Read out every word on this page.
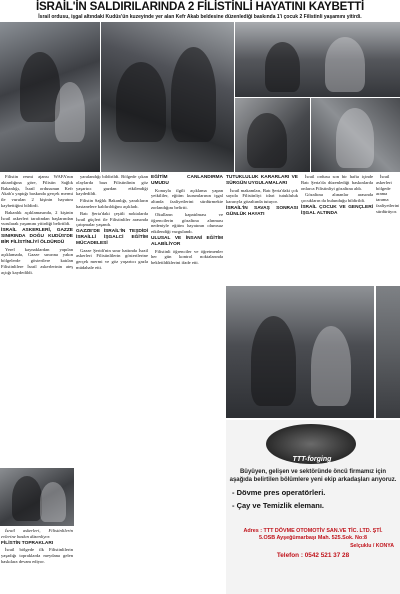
İSRAİL'İN SALDIRILARINDA 2 FİLİSTİNLİ HAYATINI KAYBETTİ
İsrail ordusu, işgal altındaki Kudüs'ün kuzeyinde yer alan Kefr Akab beldesine düzenlediği baskında 1'i çocuk 2 Filistinli yaşamını yitirdi.

Filistin resmi ajansı WAFA'nın aktardığına göre, Filistin Sağlık Bakanlığı, İsrail ordusunun Kefr Akab'a yaptığı baskında gerçek mermi ile vurulan 2 kişinin hayatını kaybettiğini bildirdi.

Bakanlık açıklamasında, 2 kişinin İsrail askerleri tarafından başlarından vurularak yaşamını yitirdiği belirtildi.

İSRAİL ASKERLERİ, GAZZE SINIRINDA DOĞU KUDÜS'DE BİR FİLİSTİNLİYİ ÖLDÜRDÜ

Yerel kaynaklardan yapılan açıklamada, Gazze sınırına yakın bölgelerde gösterilere katılan Filistinlilere İsrail askerlerinin ateş açtığı kaydedildi.

İsrail askerleri, Filistinlilerin evlerine baskın düzenliyor.

FİLİSTİN TOPRAKLARI

İsrail bölgede ilk Filistinlilerin yaşadığı topraklarda meydana gelen baskılara devam ediyor.

yaralandığı bildirildi. Bölgede çıkan olaylarda bazı Filistinlinin göz yaşartıcı gazdan etkilendiği kaydedildi.

Filistin Sağlık Bakanlığı, yaralıların hastanelere kaldırıldığını açıkladı.

Batı Şeria'daki çeşitli noktalarda İsrail güçleri ile Filistinliler arasında çatışmalar yaşandı.

GAZZE'DE İSRAİL'İN TEŞDİDİ İSRAİLLİ İŞGALCİ EĞİTİM MÜCADELESİ

Gazze Şeridi'nin sınır hattında İsrail askerleri Filistinlilerin gösterilerine gerçek mermi ve göz yaşartıcı gazla müdahale etti.

EĞİTİM CANLANDIRMA UMUDU

Konuyla ilgili açıklama yapan yetkililer, eğitim kurumlarının işgal altında faaliyetlerini sürdürmekte zorlandığını belirtti.

Okulların kapatılması ve öğrencilerin gözaltına alınması nedeniyle eğitim hayatının olumsuz etkilendiği vurgulandı.

ULUSAL VE İNSANİ EĞİTİM ALABİLİYOR

Filistinli öğrenciler ve öğretmenler her gün kontrol noktalarında bekletildiklerini ifade etti.

TUTUKLULUK KARARLARI VE SÜRGÜN UYGULAMALARI

İsrail makamları, Batı Şeria'daki çok sayıda Filistinliyi idari tutukluluk kararıyla gözaltında tutuyor.

İSRAİL'İN SAVAŞ SONRASI GÜNLÜK HAYATI

İsrail ordusu son bir hafta içinde Batı Şeria'da düzenlediği baskınlarda onlarca Filistinliyi gözaltına aldı.

Gözaltına alınanlar arasında çocukların da bulunduğu bildirildi.

İSRAİL ÇOCUK VE GENÇLERİ İŞGAL ALTINDA

İsrail askerleri bölgede arama tarama faaliyetlerini sürdürüyor.

TTT-forging
Büyüyen, gelişen ve sektöründe öncü firmamız için
aşağıda belirtilen bölümlere yeni ekip arkadaşları arıyoruz.
- Dövme pres operatörleri.
- Çay ve Temizlik elemanı.
Adres : TTT DÖVME OTOMOTİV SAN.VE TİC. LTD. ŞTİ.
5.OSB Ayşeğümarbaşı Mah. 525.Sok. No:8
Selçuklu / KONYA
Telefon : 0542 521 37 28
